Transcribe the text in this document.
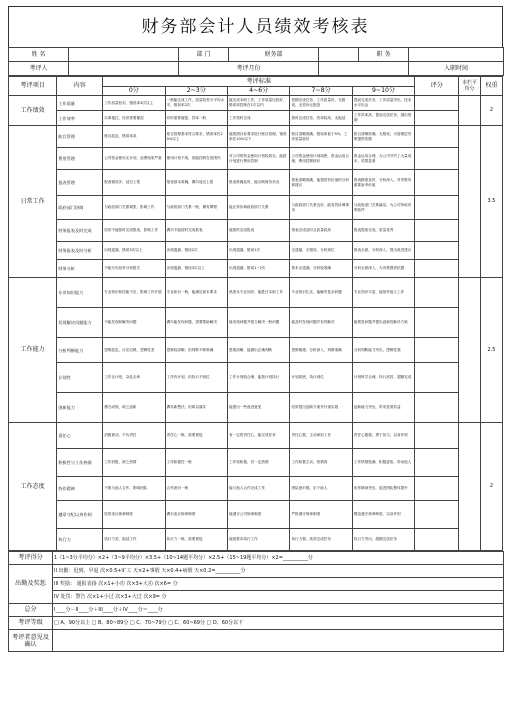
财务部会计人员绩效考核表
姓 名		部 门	财务部		职 务	
考评人		考评月份				入职时间
考评项目	内容	考评标准					评分	本栏平均分	权重
		0分	2~3分	4~6分	7~8分	9~10分			
工作绩效	工作质量	工作质量低劣，错误率3次以上	一般能完成工作，质量较差平平均水平，错误率2次	能完成本职工作，工作质量比较好，错误率控制在1次以内	按期完成任务，工作质量好，无错误，无投诉无抱怨	提前完成任务，工作质量突出，技术水平出众			2
	工作效率	办事拖拉，经常需要催促	有时需要催促，效率一般	工作按时完成	按时完成任务，效率较高，无拖延	工作效率高，提前完成任务，超出预期			
日常工作	账目管理	账目混乱，错误率高	账目管理基本符合要求，错误率在20%以上	能按照目标要求进行账目管理，错误率在10%以下	账目清晰准确，错误率低于5%，工作质量较好	账目清晰准确，无错误，为管理层决策提供依据			3.5
	费用管理	公司资金使用无计划，浪费现象严重	使用计划不周，但能控制在范围内	对公司的资金使用计划较周全，能按计划进行费用控制	公司资金使用计划周密，资金运用合理，费用控制较好	资金运用合理，为公司节约了大量成本，效果显著			
	报表管理	报表错误多，延迟上报	报表基本准确，偶尔延迟上报	报表准确及时，能反映财务状况	报表清晰准确，能提供有价值的分析和建议	报表精准及时，分析深入，对决策有重要参考价值			
	政府部门协调	与政府部门关系紧张，影响工作	与政府部门关系一般，偶有摩擦	能正常协调政府部门关系	与政府部门关系良好，能有效协调事务	与政府部门关系融洽，为公司争取有利条件			
	财务报表及时完成	经常不能按时完成报表，影响工作	偶尔不能按时完成报表	能按时完成报表	报表完成及时且质量较高	报表提前完成，质量优秀			
	财务报表及时分析	出现遗漏，错误3次以上	出现遗漏，错误2次	出现遗漏，错误1次	无遗漏，无错误，分析到位	报表全面，分析深入，提出改进建议			
	财务分析	不能写出财务分析报告	出现遗漏，错误3次以上	出现遗漏，错误1~2次	基本无遗漏，分析较准确	分析全面深入，为决策提供依据			
工作能力	专业知识能力	专业知识和技能不足，影响工作开展	专业知识一般，能满足基本要求	熟悉本专业知识，能胜任本职工作	专业知识扎实，能解决复杂问题	专业知识丰富，能指导他人工作			2.5
	发现解决问题能力	不能发现和解决问题	偶尔能发现问题，需要帮助解决	能发现问题并独立解决一般问题	能及时发现问题并有效解决	能预见问题并提出创新性解决方案			
	分析判断能力	思维混乱，反应迟缓，逻辑性差	思维较清晰，但判断不够准确	思维清晰，能做出正确判断	思维敏捷，分析深入，判断准确	分析判断能力突出，逻辑性强			
	计划性	工作无计划，杂乱无章	工作有计划，但执行不到位	工作计划较合理，能按计划执行	计划周密，执行到位	计划科学合理，执行高效，超额完成			
	创新能力	墨守成规，缺乏创新	偶有新想法，但难以落实	能提出一些改进意见	经常提出创新方案并付诸实施	创新能力突出，带来显著效益			
工作态度	责任心	消极被动，不负责任	责任心一般，需要督促	有一定的责任心，能完成任务	责任心强，主动承担工作	责任心极强，勇于担当，以身作则			2
	积极性与工作热情	工作消极，缺乏热情	工作积极性一般	工作较积极，有一定热情	工作积极主动，热情高	工作热情饱满，积极进取，带动他人			
	协作精神	不愿与他人合作，影响团队	合作意识一般	能与他人合作完成工作	团队意识强，乐于助人	协作精神突出，促进团队整体提升			
	遵章守纪以身作则	经常违反规章制度	偶尔违反规章制度	能遵守公司规章制度	严格遵守规章制度	模范遵守规章制度，以身作则			
	执行力	执行力差，拖延工作	执行力一般，需要督促	能按要求执行工作	执行力强，高效完成任务	执行力突出，超额完成任务			
考评得分	1（1~3分平均分）×2+（3~9平均分）×3.5+（10~14题平均分）×2.5+（15~19题平均分）×2=__________分
出勤及奖惩	II 出勤：迟到、早退 次×0.5+旷工 天×2+事假 天×0.4+病假 天×0.2=__________分
	III 奖励： 通报表扬 次×1+小功 次×3+大功 次×6= 分
	IV 处罚：警告 次×1+小过 次×3+大过 次×9= 分
总分	I____分－II____分＋III____分＋IV____分＝____分
考评等级	□ A、90分以上 □ B、80~89分 □ C、70~79分 □ C、60~69分 □ D、60分以下
考评者意见及确认	
